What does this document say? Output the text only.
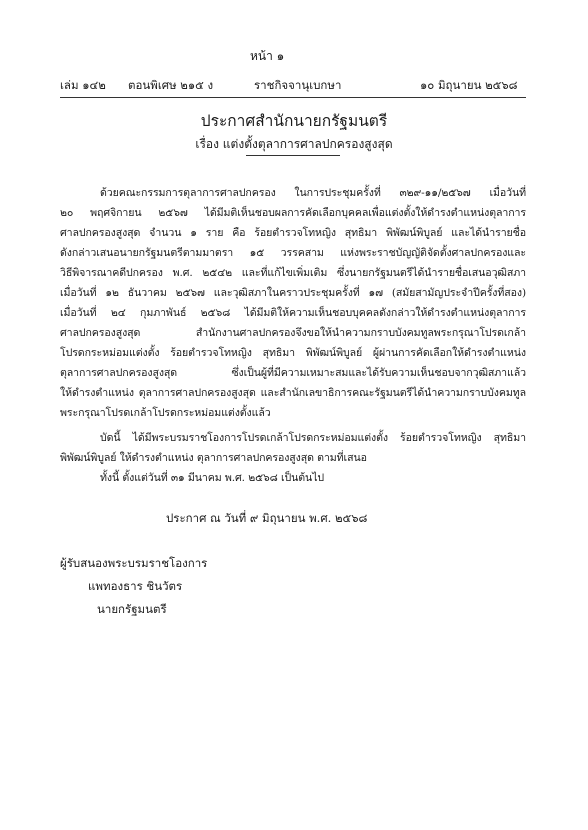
หน้า ๑
เล่ม ๑๔๒ ตอนพิเศษ ๒๑๕ ง	ราชกิจจานุเบกษา	๑๐ มิถุนายน ๒๕๖๘
ประกาศสำนักนายกรัฐมนตรี
เรื่อง แต่งตั้งตุลาการศาลปกครองสูงสุด
ด้วยคณะกรรมการตุลาการศาลปกครอง ในการประชุมครั้งที่ ๓๒๙-๑๑/๒๕๖๗ เมื่อวันที่
๒๐ พฤศจิกายน ๒๕๖๗ ได้มีมติเห็นชอบผลการคัดเลือกบุคคลเพื่อแต่งตั้งให้ดำรงตำแหน่งตุลาการ
ศาลปกครองสูงสุด จำนวน ๑ ราย คือ ร้อยตำรวจโทหญิง สุทธิมา พิพัฒน์พิบูลย์ และได้นำรายชื่อ
ดังกล่าวเสนอนายกรัฐมนตรีตามมาตรา ๑๕ วรรคสาม แห่งพระราชบัญญัติจัดตั้งศาลปกครองและ
วิธีพิจารณาคดีปกครอง พ.ศ. ๒๕๔๒ และที่แก้ไขเพิ่มเติม ซึ่งนายกรัฐมนตรีได้นำรายชื่อเสนอวุฒิสภา
เมื่อวันที่ ๑๒ ธันวาคม ๒๕๖๗ และวุฒิสภาในคราวประชุมครั้งที่ ๑๗ (สมัยสามัญประจำปีครั้งที่สอง)
เมื่อวันที่ ๒๔ กุมภาพันธ์ ๒๕๖๘ ได้มีมติให้ความเห็นชอบบุคคลดังกล่าวให้ดำรงตำแหน่งตุลาการ
ศาลปกครองสูงสุด สำนักงานศาลปกครองจึงขอให้นำความกราบบังคมทูลพระกรุณาโปรดเกล้า
โปรดกระหม่อมแต่งตั้ง ร้อยตำรวจโทหญิง สุทธิมา พิพัฒน์พิบูลย์ ผู้ผ่านการคัดเลือกให้ดำรงตำแหน่ง
ตุลาการศาลปกครองสูงสุด ซึ่งเป็นผู้ที่มีความเหมาะสมและได้รับความเห็นชอบจากวุฒิสภาแล้ว
ให้ดำรงตำแหน่ง ตุลาการศาลปกครองสูงสุด และสำนักเลขาธิการคณะรัฐมนตรีได้นำความกราบบังคมทูล
พระกรุณาโปรดเกล้าโปรดกระหม่อมแต่งตั้งแล้ว
บัดนี้ ได้มีพระบรมราชโองการโปรดเกล้าโปรดกระหม่อมแต่งตั้ง ร้อยตำรวจโทหญิง สุทธิมา
พิพัฒน์พิบูลย์ ให้ดำรงตำแหน่ง ตุลาการศาลปกครองสูงสุด ตามที่เสนอ
ทั้งนี้ ตั้งแต่วันที่ ๓๑ มีนาคม พ.ศ. ๒๕๖๘ เป็นต้นไป
ประกาศ ณ วันที่ ๙ มิถุนายน พ.ศ. ๒๕๖๘
ผู้รับสนองพระบรมราชโองการ
แพทองธาร ชินวัตร
นายกรัฐมนตรี
